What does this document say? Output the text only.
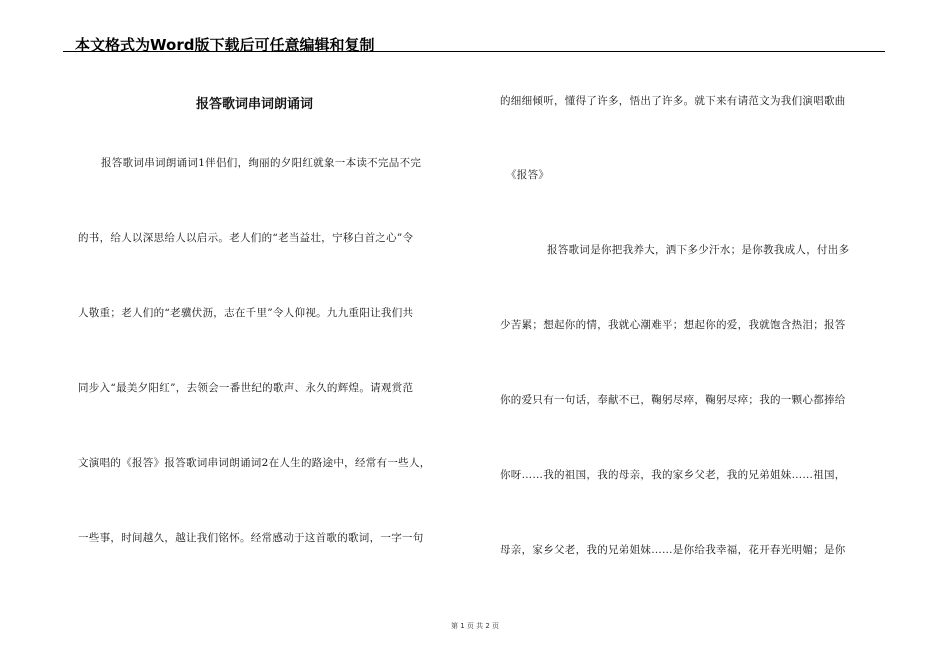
本文格式为Word版下载后可任意编辑和复制
报答歌词串词朗诵词
报答歌词串词朗诵词1伴侣们，绚丽的夕阳红就象一本读不完品不完
的书，给人以深思给人以启示。老人们的“老当益壮，宁移白首之心”令
人敬重；老人们的“老骥伏沥，志在千里”令人仰视。九九重阳让我们共
同步入“最美夕阳红”，去领会一番世纪的歌声、永久的辉煌。请观赏范
文演唱的《报答》报答歌词串词朗诵词2在人生的路途中，经常有一些人，
一些事，时间越久，越让我们铭怀。经常感动于这首歌的歌词，一字一句
的细细倾听，懂得了许多，悟出了许多。就下来有请范文为我们演唱歌曲
《报答》
报答歌词是你把我养大，洒下多少汗水；是你教我成人，付出多
少苦累；想起你的情，我就心潮难平；想起你的爱，我就饱含热泪；报答
你的爱只有一句话，奉献不已，鞠躬尽瘁，鞠躬尽瘁；我的一颗心都捧给
你呀……我的祖国，我的母亲，我的家乡父老，我的兄弟姐妹……祖国，
母亲，家乡父老，我的兄弟姐妹……是你给我幸福，花开春光明媚；是你
第 1 页 共 2 页
